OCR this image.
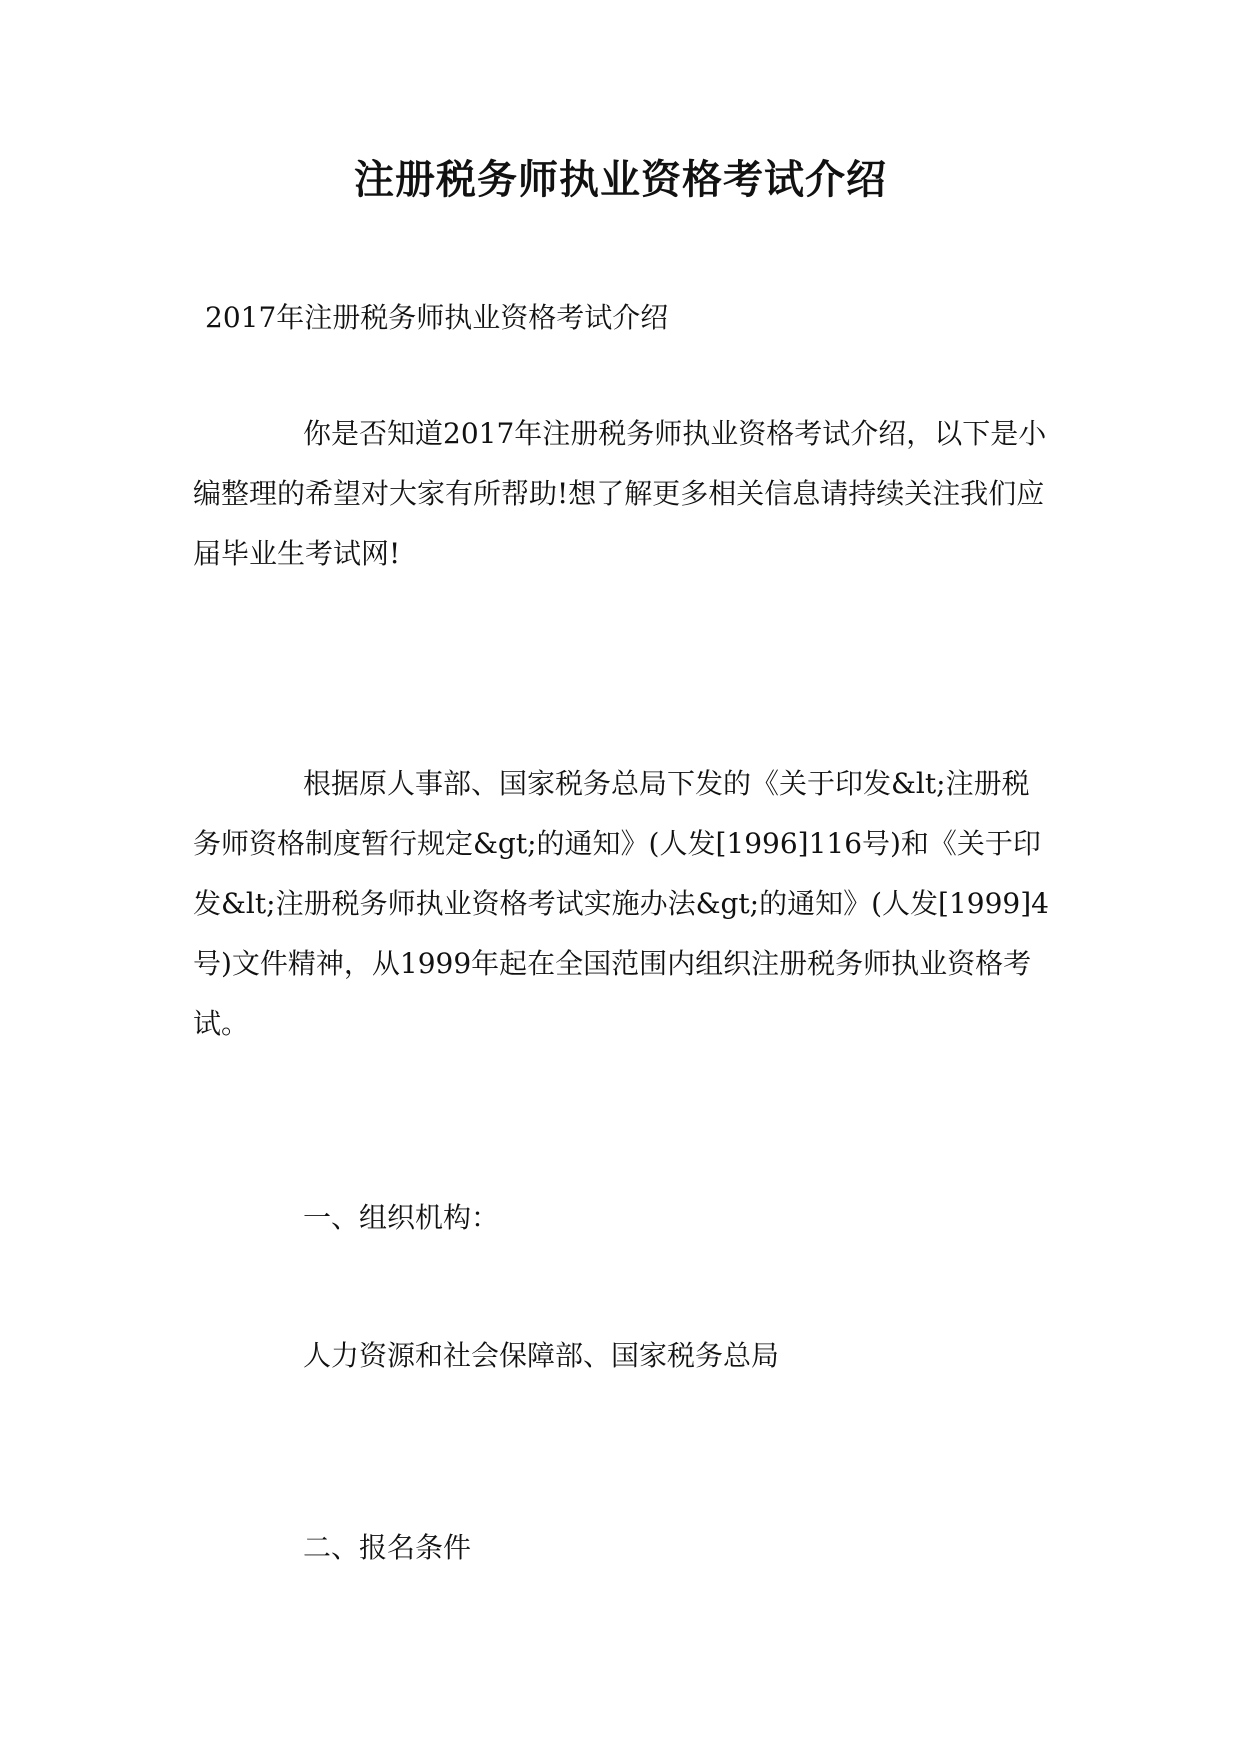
注册税务师执业资格考试介绍

2017年注册税务师执业资格考试介绍

你是否知道2017年注册税务师执业资格考试介绍，以下是小编整理的希望对大家有所帮助!想了解更多相关信息请持续关注我们应届毕业生考试网!

根据原人事部、国家税务总局下发的《关于印发&lt;注册税务师资格制度暂行规定&gt;的通知》(人发[1996]116号)和《关于印发&lt;注册税务师执业资格考试实施办法&gt;的通知》(人发[1999]4号)文件精神，从1999年起在全国范围内组织注册税务师执业资格考试。

一、组织机构：

人力资源和社会保障部、国家税务总局

二、报名条件
